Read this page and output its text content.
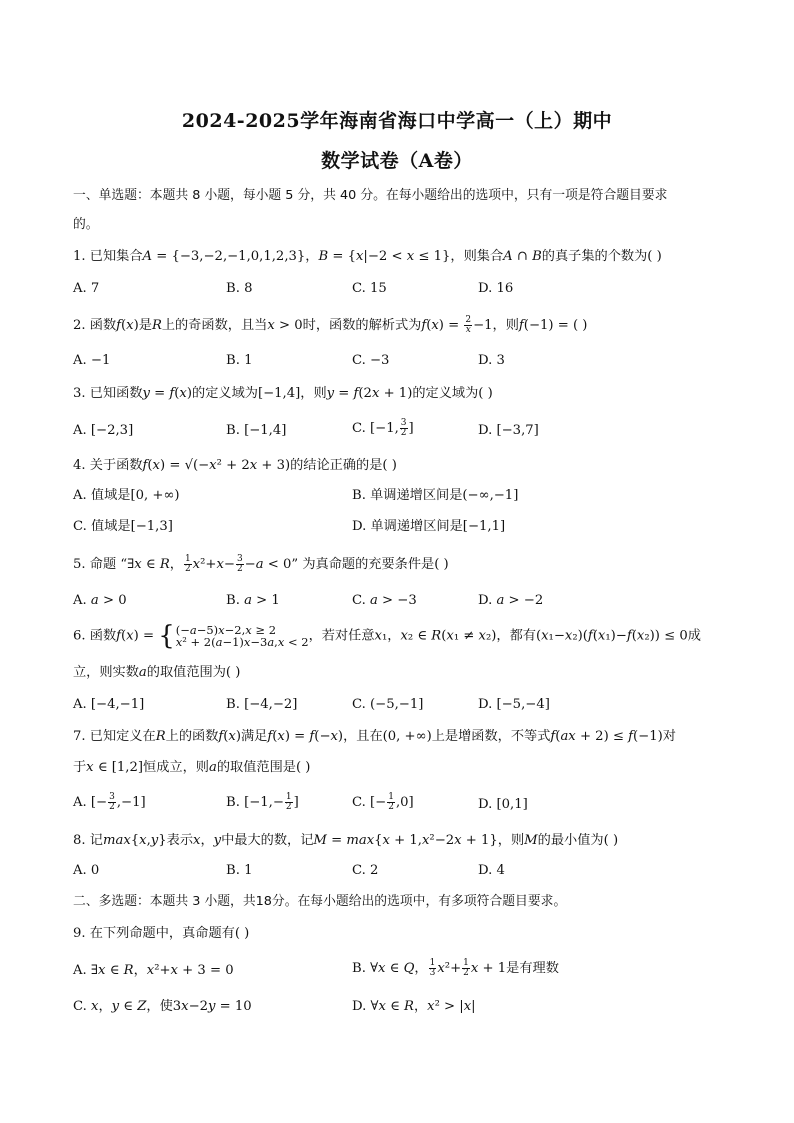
2024-2025学年海南省海口中学高一（上）期中
数学试卷（A卷）
一、单选题：本题共 8 小题，每小题 5 分，共 40 分。在每小题给出的选项中，只有一项是符合题目要求
的。
1. 已知集合𝐴 = {−3,−2,−1,0,1,2,3}，𝐵 = {𝑥|−2 < 𝑥 ≤ 1}，则集合𝐴 ∩ 𝐵的真子集的个数为( )
A. 7	B. 8	C. 15	D. 16
2. 函数𝑓(𝑥)是𝑅上的奇函数，且当𝑥 > 0时，函数的解析式为𝑓(𝑥) = $\frac{2}{\text{𝑥}} -1$，则𝑓(−1) = ( )
A. −1	B. 1	C. −3	D. 3
3. 已知函数𝑦 = 𝑓(𝑥)的定义域为[−1,4]，则𝑦 = 𝑓(2𝑥 + 1)的定义域为( )
A. [−2,3]	B. [−1,4]	C. [−1, $\frac{3}{2}$ ]	D. [−3,7]
4. 关于函数𝑓(𝑥) = √(−𝑥² + 2𝑥 + 3)的结论正确的是( )
A. 值域是[0, +∞)	B. 单调递增区间是(−∞,−1]
C. 值域是[−1,3]	D. 单调递增区间是[−1,1]
5. 命题 “∃𝑥 ∈ 𝑅， $\frac{1}{2}$ 𝑥²+𝑥− $\frac{3}{2}$ −𝑎 < 0” 为真命题的充要条件是( )
A. 𝑎 > 0	B. 𝑎 > 1	C. 𝑎 > −3	D. 𝑎 > −2
6. 函数𝑓(𝑥) = { (−𝑎−5)𝑥−2,𝑥 ≥ 2
𝑥² + 2(𝑎−1)𝑥−3𝑎,𝑥 < 2 ，若对任意𝑥₁，𝑥₂ ∈ 𝑅(𝑥₁ ≠ 𝑥₂)，都有(𝑥₁−𝑥₂)(𝑓(𝑥₁)−𝑓(𝑥₂)) ≤ 0成
立，则实数𝑎的取值范围为( )
A. [−4,−1]	B. [−4,−2]	C. (−5,−1]	D. [−5,−4]
7. 已知定义在𝑅上的函数𝑓(𝑥)满足𝑓(𝑥) = 𝑓(−𝑥)，且在(0, +∞)上是增函数，不等式𝑓(𝑎𝑥 + 2) ≤ 𝑓(−1)对
于𝑥 ∈ [1,2]恒成立，则𝑎的取值范围是( )
A. [− $\frac{3}{2} ,-1$]	B. [$-1,- \frac{1}{2}$ ]	C. [− $\frac{1}{2} ,0$]	D. [0,1]
8. 记𝑚𝑎𝑥{𝑥,𝑦}表示𝑥，𝑦中最大的数，记𝑀 = 𝑚𝑎𝑥{𝑥 + 1,𝑥²−2𝑥 + 1}，则𝑀的最小值为( )
A. 0	B. 1	C. 2	D. 4
二、多选题：本题共 3 小题，共18分。在每小题给出的选项中，有多项符合题目要求。
9. 在下列命题中，真命题有( )
A. ∃𝑥 ∈ 𝑅，𝑥²+𝑥 + 3 = 0	B. ∀𝑥 ∈ 𝑄， $\frac{1}{3}$ 𝑥²+ $\frac{1}{2}$ 𝑥 + 1是有理数
C. 𝑥，𝑦 ∈ 𝑍，使3𝑥−2𝑦 = 10	D. ∀𝑥 ∈ 𝑅，𝑥² > |𝑥|
